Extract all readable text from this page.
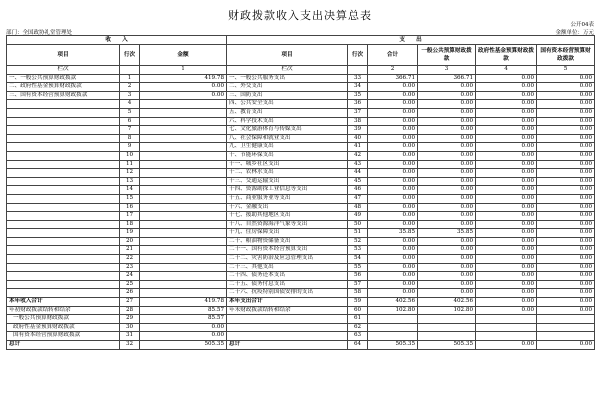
财政拨款收入支出决算总表
公开04表
部门：全国政协礼堂管理处	金额单位：万元
收　　入			支　　出					
项目	行次	金额	项目	行次	合计	一般公共预算财政拨款	政府性基金预算财政拨款	国有资本经营预算财政拨款
栏次		1	栏次		2	3	4	5
一、一般公共预算财政拨款	1	419.78	一、一般公共服务支出	33	366.71	366.71	0.00	0.00
二、政府性基金预算财政拨款	2	0.00	二、外交支出	34	0.00	0.00	0.00	0.00
三、国有资本经营预算财政拨款	3	0.00	三、国防支出	35	0.00	0.00	0.00	0.00
	4		四、公共安全支出	36	0.00	0.00	0.00	0.00
	5		五、教育支出	37	0.00	0.00	0.00	0.00
	6		六、科学技术支出	38	0.00	0.00	0.00	0.00
	7		七、文化旅游体育与传媒支出	39	0.00	0.00	0.00	0.00
	8		八、社会保障和就业支出	40	0.00	0.00	0.00	0.00
	9		九、卫生健康支出	41	0.00	0.00	0.00	0.00
	10		十、节能环保支出	42	0.00	0.00	0.00	0.00
	11		十一、城乡社区支出	43	0.00	0.00	0.00	0.00
	12		十二、农林水支出	44	0.00	0.00	0.00	0.00
	13		十三、交通运输支出	45	0.00	0.00	0.00	0.00
	14		十四、资源勘探工业信息等支出	46	0.00	0.00	0.00	0.00
	15		十五、商业服务业等支出	47	0.00	0.00	0.00	0.00
	16		十六、金融支出	48	0.00	0.00	0.00	0.00
	17		十七、援助其他地区支出	49	0.00	0.00	0.00	0.00
	18		十八、自然资源海洋气象等支出	50	0.00	0.00	0.00	0.00
	19		十九、住房保障支出	51	35.85	35.85	0.00	0.00
	20		二十、粮油物资储备支出	52	0.00	0.00	0.00	0.00
	21		二十一、国有资本经营预算支出	53	0.00	0.00	0.00	0.00
	22		二十二、灾害防治及应急管理支出	54	0.00	0.00	0.00	0.00
	23		二十三、其他支出	55	0.00	0.00	0.00	0.00
	24		二十四、债务还本支出	56	0.00	0.00	0.00	0.00
	25		二十五、债务付息支出	57	0.00	0.00	0.00	0.00
	26		二十六、抗疫特别国债安排的支出	58	0.00	0.00	0.00	0.00
本年收入合计	27	419.78	本年支出合计	59	402.56	402.56	0.00	0.00
年初财政拨款结转和结余	28	85.57	年末财政拨款结转和结余	60	102.80	102.80	0.00	0.00
一般公共预算财政拨款	29	85.57		61				
政府性基金预算财政拨款	30	0.00		62				
国有资本经营预算财政拨款	31	0.00		63				
总计	32	505.35	总计	64	505.35	505.35	0.00	0.00
